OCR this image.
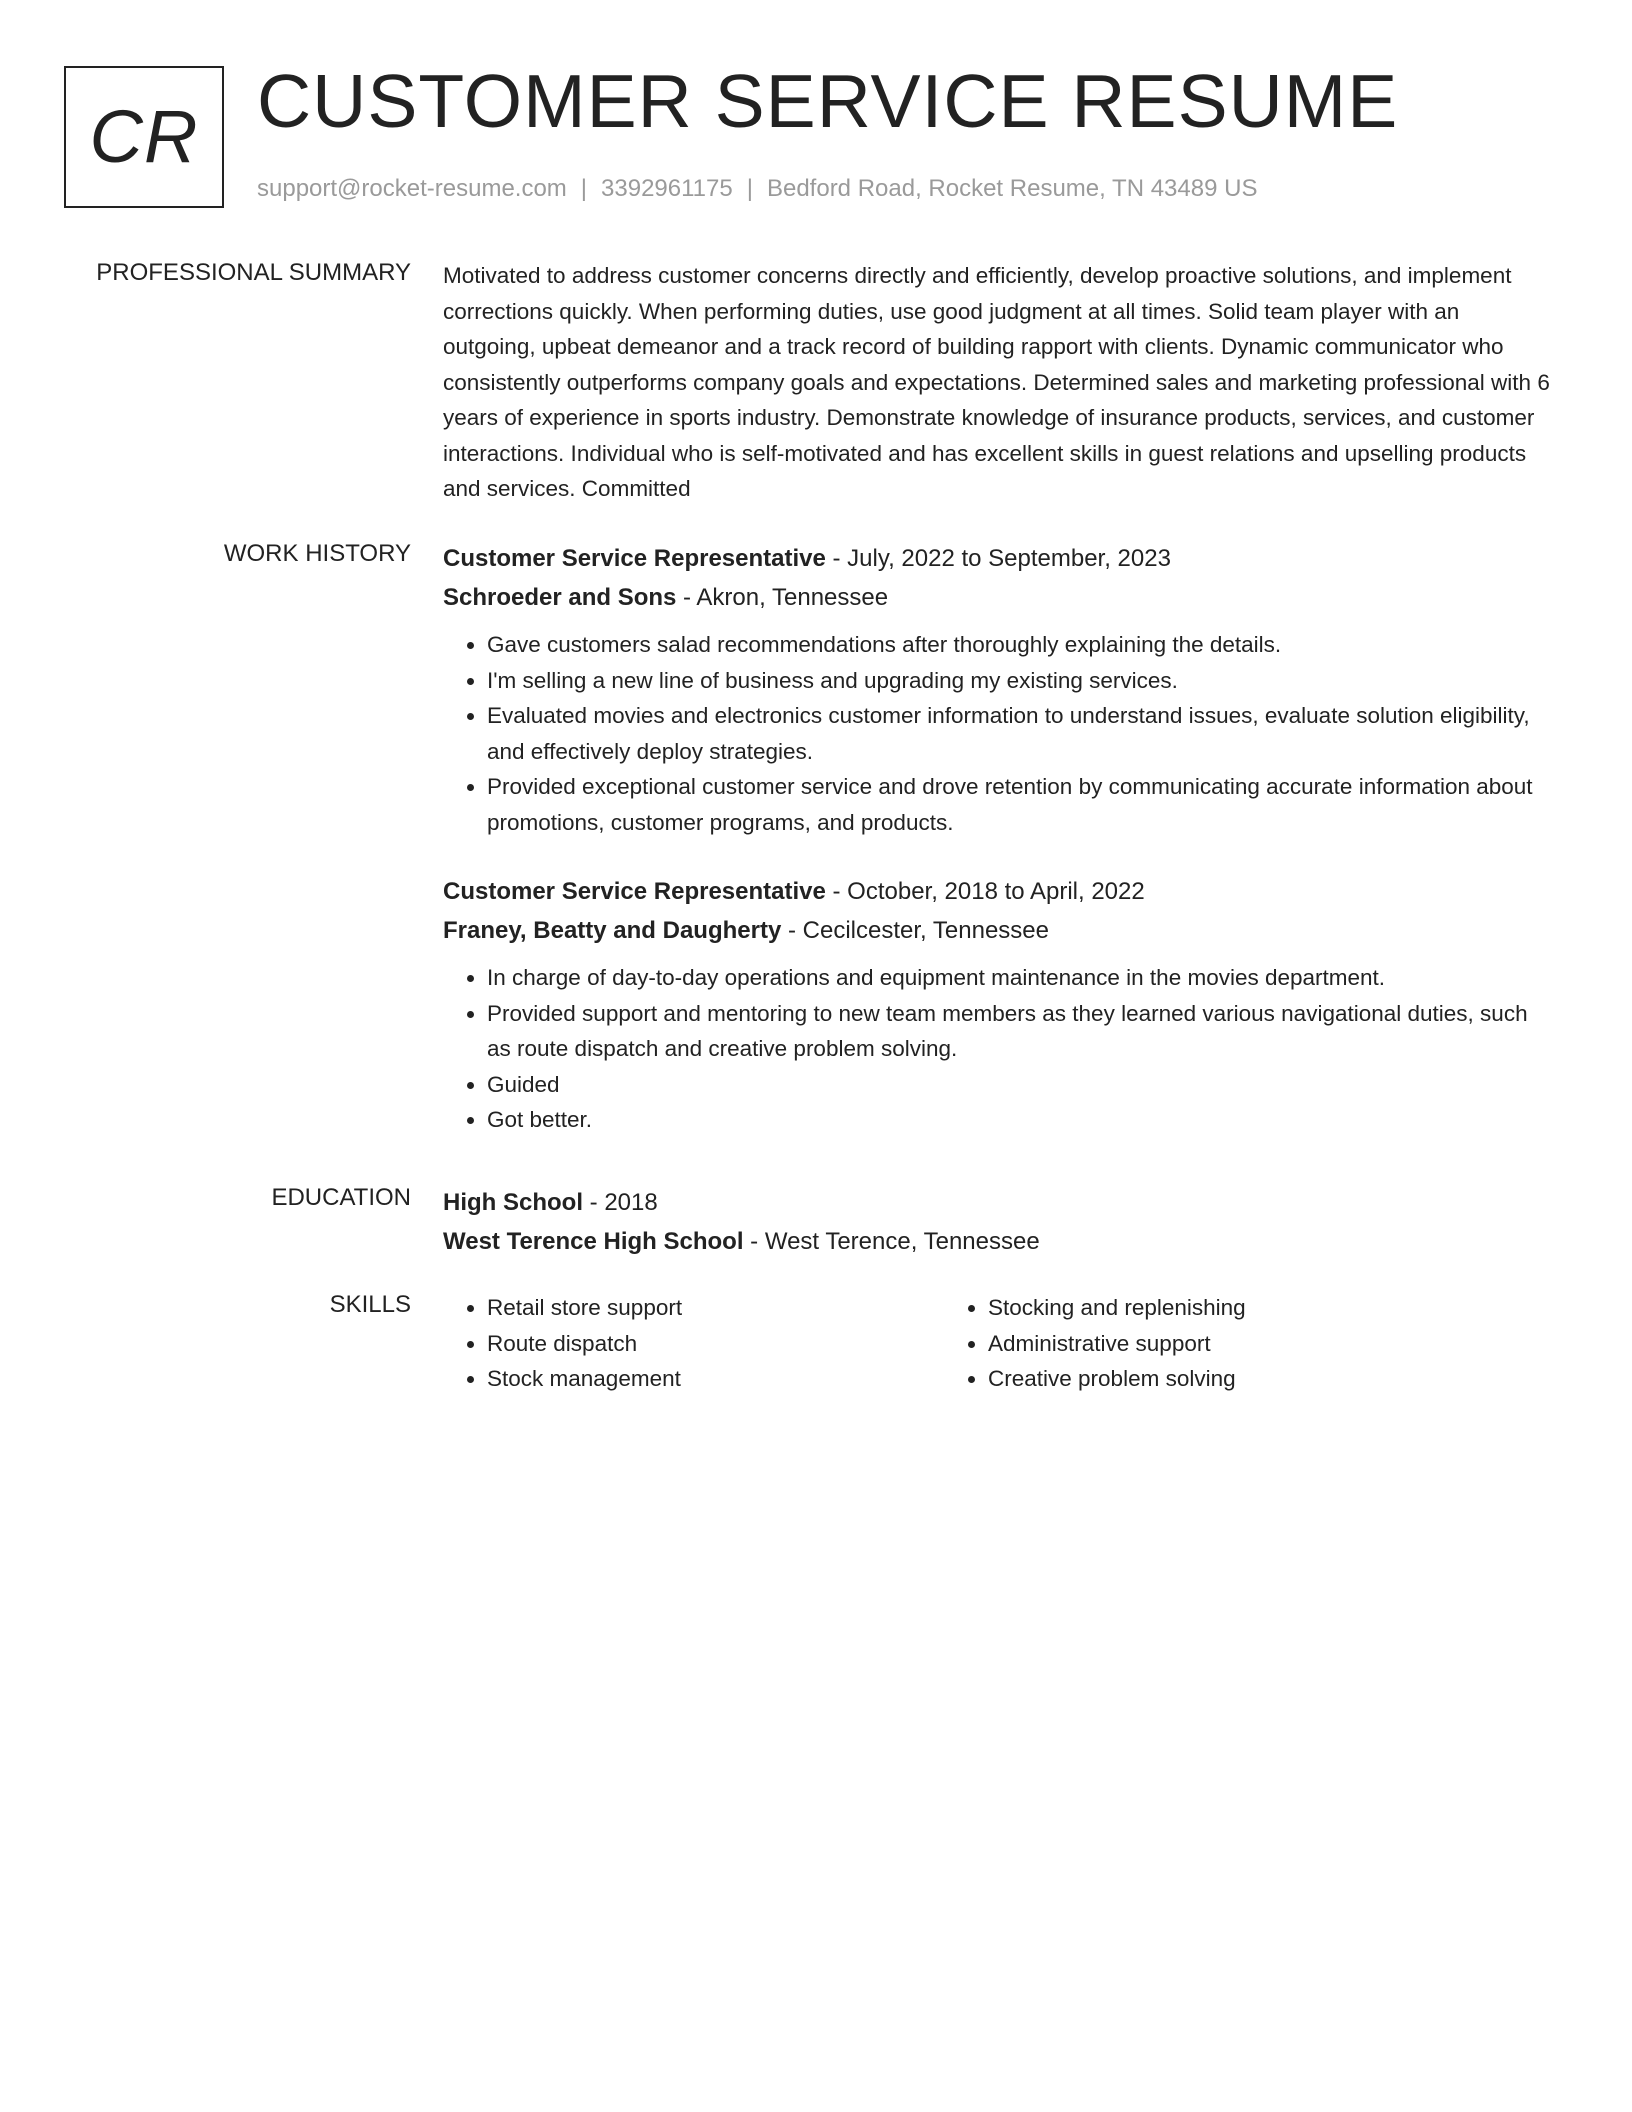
CR CUSTOMER SERVICE RESUME
support@rocket-resume.com | 3392961175 | Bedford Road, Rocket Resume, TN 43489 US
PROFESSIONAL SUMMARY Motivated to address customer concerns directly and efficiently, develop proactive solutions, and implement corrections quickly. When performing duties, use good judgment at all times. Solid team player with an outgoing, upbeat demeanor and a track record of building rapport with clients. Dynamic communicator who consistently outperforms company goals and expectations. Determined sales and marketing professional with 6 years of experience in sports industry. Demonstrate knowledge of insurance products, services, and customer interactions. Individual who is self-motivated and has excellent skills in guest relations and upselling products and services. Committed

WORK HISTORY Customer Service Representative - July, 2022 to September, 2023
Schroeder and Sons - Akron, Tennessee
• Gave customers salad recommendations after thoroughly explaining the details.
• I'm selling a new line of business and upgrading my existing services.
• Evaluated movies and electronics customer information to understand issues, evaluate solution eligibility, and effectively deploy strategies.
• Provided exceptional customer service and drove retention by communicating accurate information about promotions, customer programs, and products.
Customer Service Representative - October, 2018 to April, 2022
Franey, Beatty and Daugherty - Cecilcester, Tennessee
• In charge of day-to-day operations and equipment maintenance in the movies department.
• Provided support and mentoring to new team members as they learned various navigational duties, such as route dispatch and creative problem solving.
• Guided
• Got better.
EDUCATION High School - 2018
West Terence High School - West Terence, Tennessee
SKILLS
•	Retail store support
• Route dispatch
• Stock management
• Stocking and replenishing
• Administrative support
• Creative problem solving
